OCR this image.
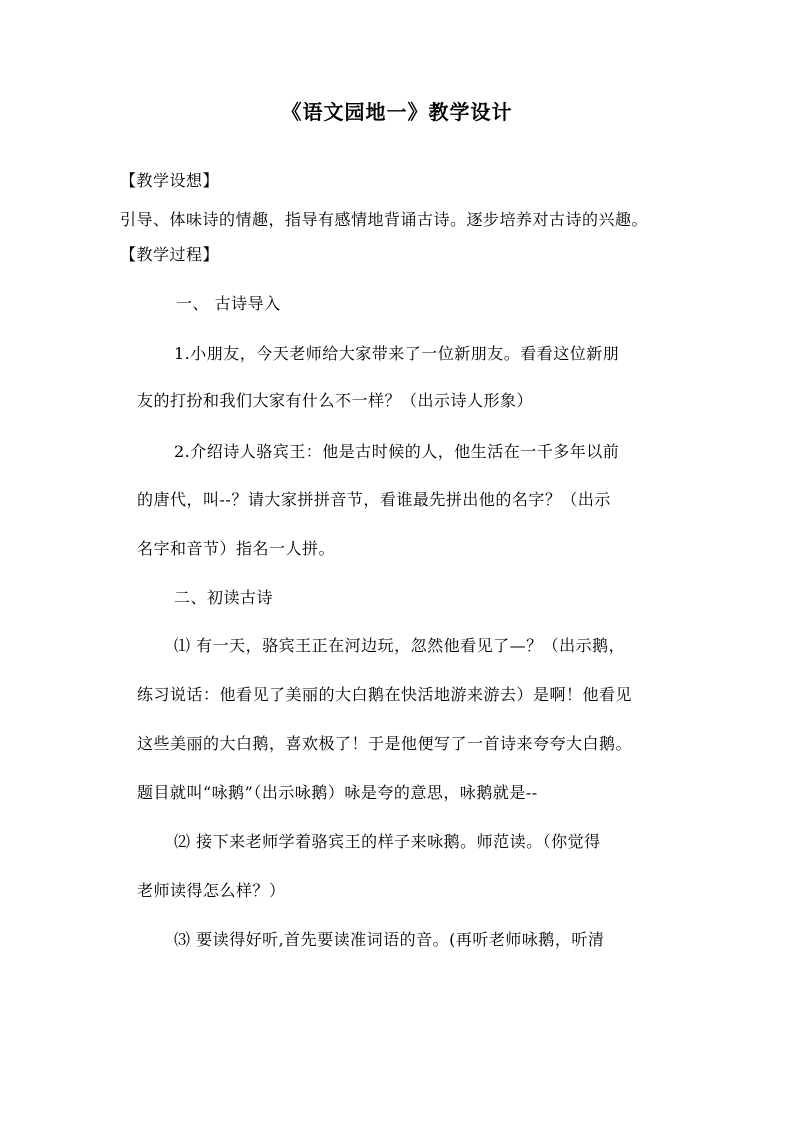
《语文园地一》教学设计
【教学设想】
引导、体味诗的情趣，指导有感情地背诵古诗。逐步培养对古诗的兴趣。
【教学过程】
一、 古诗导入
1.小朋友，今天老师给大家带来了一位新朋友。看看这位新朋
友的打扮和我们大家有什么不一样？（出示诗人形象）
2.介绍诗人骆宾王：他是古时候的人，他生活在一千多年以前
的唐代，叫--？请大家拼拼音节，看谁最先拼出他的名字？（出示
名字和音节）指名一人拼。
二、初读古诗
⑴ 有一天，骆宾王正在河边玩，忽然他看见了—？（出示鹅，
练习说话：他看见了美丽的大白鹅在快活地游来游去）是啊！他看见
这些美丽的大白鹅，喜欢极了！于是他便写了一首诗来夸夸大白鹅。
题目就叫“咏鹅”（出示咏鹅）咏是夸的意思，咏鹅就是--
⑵ 接下来老师学着骆宾王的样子来咏鹅。师范读。（你觉得
老师读得怎么样？）
⑶ 要读得好听,首先要读准词语的音。(再听老师咏鹅，听清
